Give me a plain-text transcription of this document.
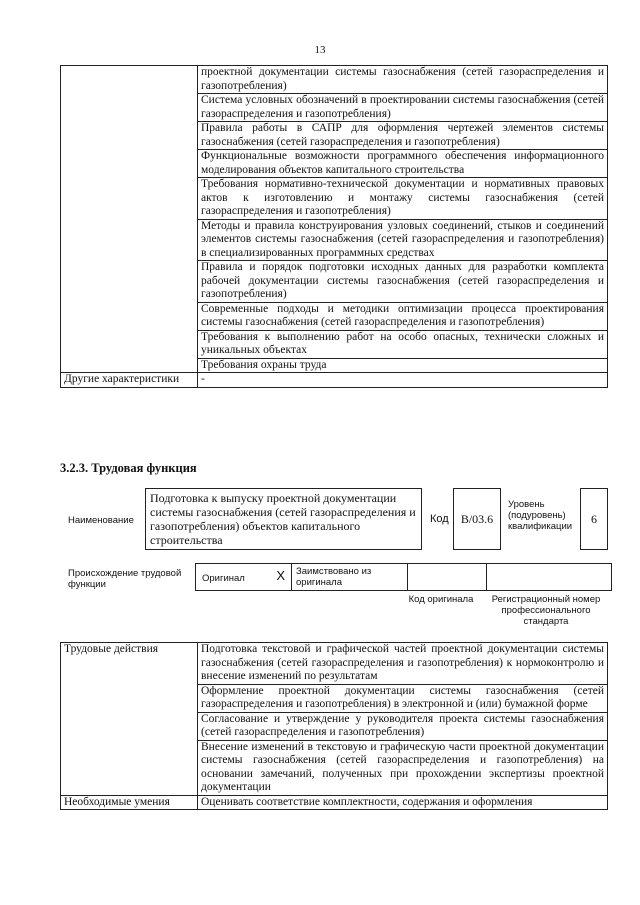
13
	проектной документации системы газоснабжения (сетей газораспределения и газопотребления)
	Система условных обозначений в проектировании системы газоснабжения (сетей газораспределения и газопотребления)
	Правила работы в САПР для оформления чертежей элементов системы газоснабжения (сетей газораспределения и газопотребления)
	Функциональные возможности программного обеспечения информационного моделирования объектов капитального строительства
	Требования нормативно-технической документации и нормативных правовых актов к изготовлению и монтажу системы газоснабжения (сетей газораспределения и газопотребления)
	Методы и правила конструирования узловых соединений, стыков и соединений элементов системы газоснабжения (сетей газораспределения и газопотребления) в специализированных программных средствах
	Правила и порядок подготовки исходных данных для разработки комплекта рабочей документации системы газоснабжения (сетей газораспределения и газопотребления)
	Современные подходы и методики оптимизации процесса проектирования системы газоснабжения (сетей газораспределения и газопотребления)
	Требования к выполнению работ на особо опасных, технически сложных и уникальных объектах
	Требования охраны труда
Другие характеристики	-
3.2.3. Трудовая функция
Наименование
Подготовка к выпуску проектной документации системы газоснабжения (сетей газораспределения и газопотребления) объектов капитального строительства
Код	B/03.6
Уровень (подуровень) квалификации
6
Происхождение трудовой функции
Оригинал X	Заимствовано из оригинала
Код оригинала	Регистрационный номер профессионального стандарта
Трудовые действия	Подготовка текстовой и графической частей проектной документации системы газоснабжения (сетей газораспределения и газопотребления) к нормоконтролю и внесение изменений по результатам
	Оформление проектной документации системы газоснабжения (сетей газораспределения и газопотребления) в электронной и (или) бумажной форме
	Согласование и утверждение у руководителя проекта системы газоснабжения (сетей газораспределения и газопотребления)
	Внесение изменений в текстовую и графическую части проектной документации системы газоснабжения (сетей газораспределения и газопотребления) на основании замечаний, полученных при прохождении экспертизы проектной документации
Необходимые умения	Оценивать соответствие комплектности, содержания и оформления
